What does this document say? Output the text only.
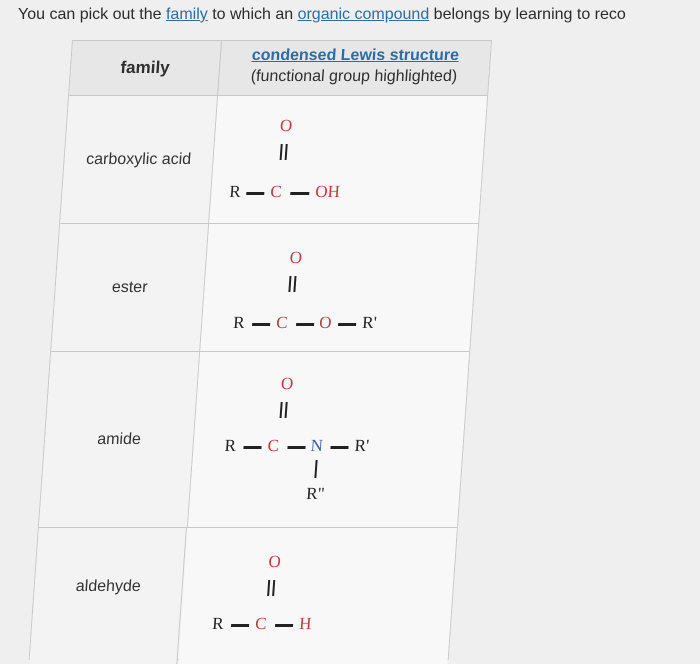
You can pick out the family to which an organic compound belongs by learning to reco
family
condensed Lewis structure
(functional group highlighted)
carboxylic acid
O
R C OH
ester
O
R C O R'
amide
O
R C N R'
R"
aldehyde
O
R C H
